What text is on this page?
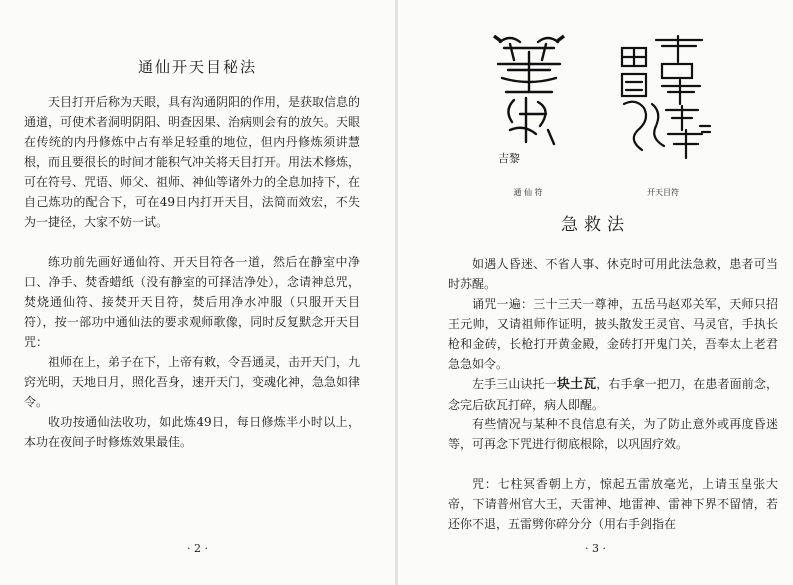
通仙开天目秘法

天目打开后称为天眼，具有沟通阴阳的作用，是获取信息的通道，可使术者洞明阴阳、明查因果、治病则会有的放矢。天眼在传统的内丹修炼中占有举足轻重的地位，但内丹修炼须讲慧根，而且要很长的时间才能积气冲关将天目打开。用法术修炼，可在符号、咒语、师父、祖师、神仙等诸外力的全息加持下，在自己炼功的配合下，可在49日内打开天目，法简而效宏，不失为一捷径，大家不妨一试。

练功前先画好通仙符、开天目符各一道，然后在静室中净口、净手、焚香蜡纸（没有静室的可择洁净处），念请神总咒，焚烧通仙符、接焚开天目符，焚后用净水冲服（只服开天目符），按一部功中通仙法的要求观师歌像，同时反复默念开天目咒：

祖师在上，弟子在下，上帝有敕，令吾通灵，击开天门，九窍光明，天地日月，照化吾身，速开天门，变魂化神，急急如律令。

收功按通仙法收功，如此炼49日，每日修炼半小时以上，本功在夜间子时修炼效果最佳。

· 2 ·
吉黎
通 仙 符	开天目符
急救法

如遇人昏迷、不省人事、休克时可用此法急救，患者可当时苏醒。

诵咒一遍：三十三天一尊神，五岳马赵邓关军，天师只招王元帅，又请祖师作证明，披头散发王灵官、马灵官，手执长枪和金砖，长枪打开黄金殿，金砖打开鬼门关，吾奉太上老君急急如令。

左手三山诀托一块土瓦，右手拿一把刀，在患者面前念，念完后砍瓦打碎，病人即醒。

有些情况与某种不良信息有关，为了防止意外或再度昏迷等，可再念下咒进行彻底根除，以巩固疗效。

咒：七柱冥香朝上方，惊起五雷放毫光，上请玉皇张大帝，下请普州官大王，天雷神、地雷神、雷神下界不留情，若还你不退，五雷劈你碎分分（用右手剑指在

· 3 ·
